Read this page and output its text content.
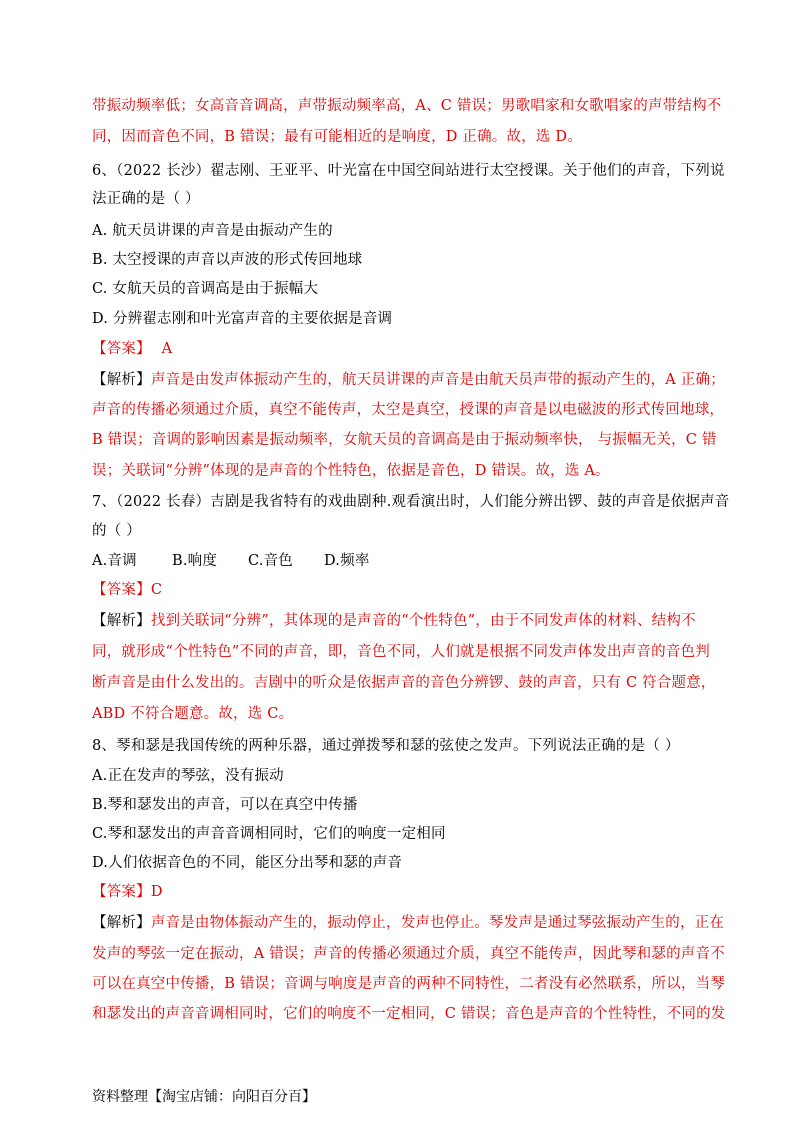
带振动频率低；女高音音调高，声带振动频率高，A、C 错误；男歌唱家和女歌唱家的声带结构不
同，因而音色不同，B 错误；最有可能相近的是响度，D 正确。故，选 D。
6、（2022 长沙）翟志刚、王亚平、叶光富在中国空间站进行太空授课。关于他们的声音，下列说
法正确的是（ ）
A. 航天员讲课的声音是由振动产生的
B. 太空授课的声音以声波的形式传回地球
C. 女航天员的音调高是由于振幅大
D. 分辨翟志刚和叶光富声音的主要依据是音调
【答案】 A
【解析】声音是由发声体振动产生的，航天员讲课的声音是由航天员声带的振动产生的，A 正确；
声音的传播必须通过介质，真空不能传声，太空是真空，授课的声音是以电磁波的形式传回地球，
B 错误；音调的影响因素是振动频率，女航天员的音调高是由于振动频率快， 与振幅无关，C 错
误；关联词“分辨”体现的是声音的个性特色，依据是音色，D 错误。故，选 A。
7、（2022 长春）吉剧是我省特有的戏曲剧种.观看演出时，人们能分辨出锣、鼓的声音是依据声音
的（ ）
A.音调 B.响度 C.音色 D.频率
【答案】C
【解析】找到关联词“分辨”，其体现的是声音的“个性特色”，由于不同发声体的材料、结构不
同，就形成“个性特色”不同的声音，即，音色不同，人们就是根据不同发声体发出声音的音色判
断声音是由什么发出的。吉剧中的听众是依据声音的音色分辨锣、鼓的声音，只有 C 符合题意，
ABD 不符合题意。故，选 C。
8、琴和瑟是我国传统的两种乐器，通过弹拨琴和瑟的弦使之发声。下列说法正确的是（ ）
A.正在发声的琴弦，没有振动
B.琴和瑟发出的声音，可以在真空中传播
C.琴和瑟发出的声音音调相同时，它们的响度一定相同
D.人们依据音色的不同，能区分出琴和瑟的声音
【答案】D
【解析】声音是由物体振动产生的，振动停止，发声也停止。琴发声是通过琴弦振动产生的，正在
发声的琴弦一定在振动，A 错误；声音的传播必须通过介质，真空不能传声，因此琴和瑟的声音不
可以在真空中传播，B 错误；音调与响度是声音的两种不同特性，二者没有必然联系，所以，当琴
和瑟发出的声音音调相同时，它们的响度不一定相同，C 错误；音色是声音的个性特性，不同的发
资料整理【淘宝店铺：向阳百分百】
